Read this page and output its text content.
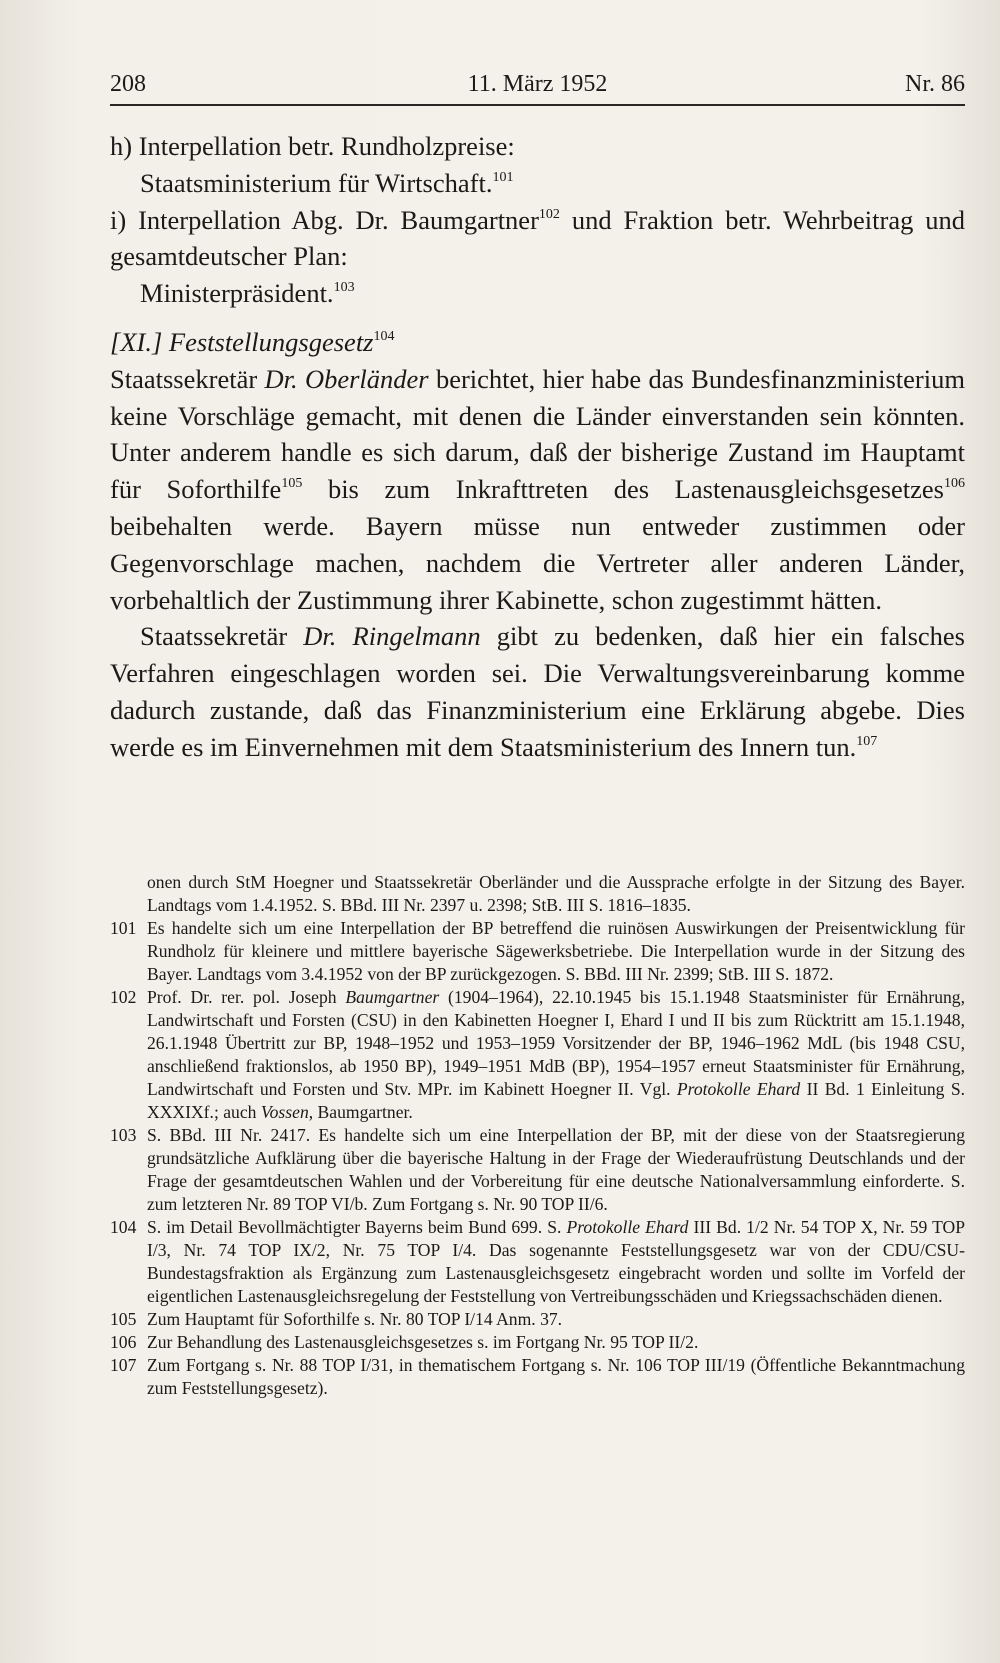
208	11. März 1952	Nr. 86

h) Interpellation betr. Rundholzpreise:
Staatsministerium für Wirtschaft.$^{101}$

i) Interpellation Abg. Dr. Baumgartner$^{102}$ und Fraktion betr. Wehrbeitrag und gesamtdeutscher Plan:

Ministerpräsident.$^{103}$

[XI.] Feststellungsgesetz$^{104}$

Staatssekretär Dr. Oberländer berichtet, hier habe das Bundesfinanzministerium keine Vorschläge gemacht, mit denen die Länder einverstanden sein könnten. Unter anderem handle es sich darum, daß der bisherige Zustand im Hauptamt für Soforthilfe$^{105}$ bis zum Inkrafttreten des Lastenausgleichsgesetzes$^{106}$ beibehalten werde. Bayern müsse nun entweder zustimmen oder Gegenvorschlage machen, nachdem die Vertreter aller anderen Länder, vorbehaltlich der Zustimmung ihrer Kabinette, schon zugestimmt hätten.

Staatssekretär Dr. Ringelmann gibt zu bedenken, daß hier ein falsches Verfahren eingeschlagen worden sei. Die Verwaltungsvereinbarung komme dadurch zustande, daß das Finanzministerium eine Erklärung abgebe. Dies werde es im Einvernehmen mit dem Staatsministerium des Innern tun.$^{107}$

onen durch StM Hoegner und Staatssekretär Oberländer und die Aussprache erfolgte in der Sitzung des Bayer. Landtags vom 1.4.1952. S. BBd. III Nr. 2397 u. 2398; StB. III S. 1816–1835.

101 Es handelte sich um eine Interpellation der BP betreffend die ruinösen Auswirkungen der Preisentwicklung für Rundholz für kleinere und mittlere bayerische Sägewerksbetriebe. Die Interpellation wurde in der Sitzung des Bayer. Landtags vom 3.4.1952 von der BP zurückgezogen. S. BBd. III Nr. 2399; StB. III S. 1872.

102 Prof. Dr. rer. pol. Joseph Baumgartner (1904–1964), 22.10.1945 bis 15.1.1948 Staatsminister für Ernährung, Landwirtschaft und Forsten (CSU) in den Kabinetten Hoegner I, Ehard I und II bis zum Rücktritt am 15.1.1948, 26.1.1948 Übertritt zur BP, 1948–1952 und 1953–1959 Vorsitzender der BP, 1946–1962 MdL (bis 1948 CSU, anschließend fraktionslos, ab 1950 BP), 1949–1951 MdB (BP), 1954–1957 erneut Staatsminister für Ernährung, Landwirtschaft und Forsten und Stv. MPr. im Kabinett Hoegner II. Vgl. Protokolle Ehard II Bd. 1 Einleitung S. XXXIXf.; auch Vossen, Baumgartner.

103 S. BBd. III Nr. 2417. Es handelte sich um eine Interpellation der BP, mit der diese von der Staatsregierung grundsätzliche Aufklärung über die bayerische Haltung in der Frage der Wiederaufrüstung Deutschlands und der Frage der gesamtdeutschen Wahlen und der Vorbereitung für eine deutsche Nationalversammlung einforderte. S. zum letzteren Nr. 89 TOP VI/b. Zum Fortgang s. Nr. 90 TOP II/6.

104 S. im Detail Bevollmächtigter Bayerns beim Bund 699. S. Protokolle Ehard III Bd. 1/2 Nr. 54 TOP X, Nr. 59 TOP I/3, Nr. 74 TOP IX/2, Nr. 75 TOP I/4. Das sogenannte Feststellungsgesetz war von der CDU/CSU-Bundestagsfraktion als Ergänzung zum Lastenausgleichsgesetz eingebracht worden und sollte im Vorfeld der eigentlichen Lastenausgleichsregelung der Feststellung von Vertreibungsschäden und Kriegssachschäden dienen.

105 Zum Hauptamt für Soforthilfe s. Nr. 80 TOP I/14 Anm. 37.

106 Zur Behandlung des Lastenausgleichsgesetzes s. im Fortgang Nr. 95 TOP II/2.

107 Zum Fortgang s. Nr. 88 TOP I/31, in thematischem Fortgang s. Nr. 106 TOP III/19 (Öffentliche Bekanntmachung zum Feststellungsgesetz).
